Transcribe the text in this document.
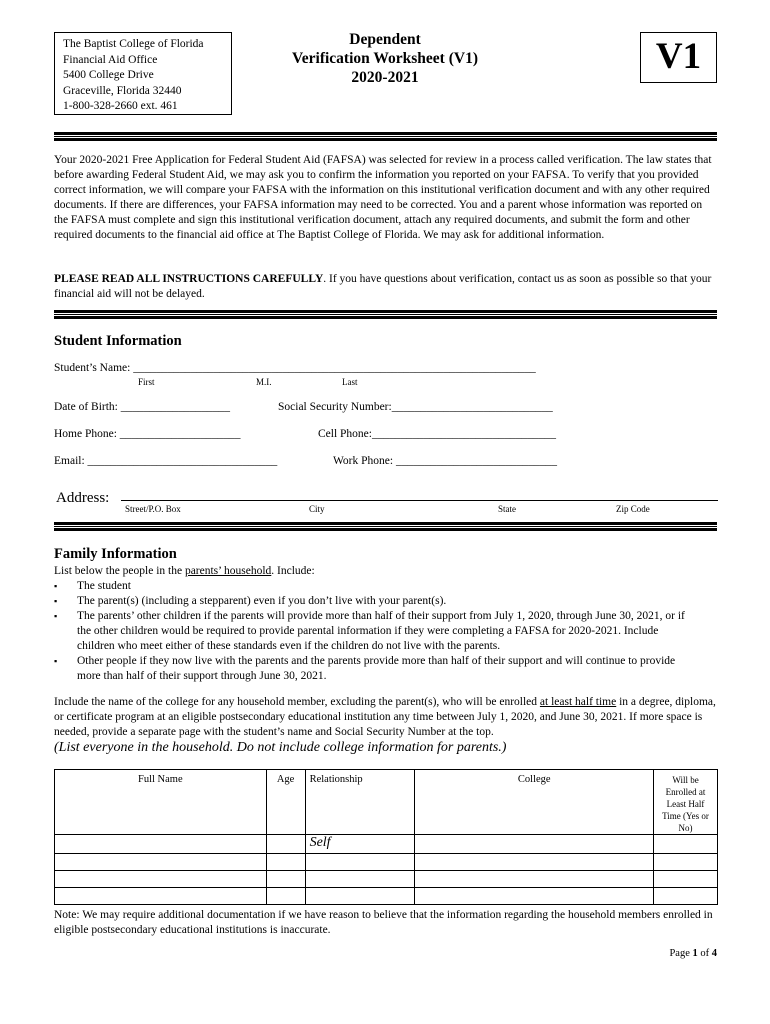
The Baptist College of Florida
Financial Aid Office
5400 College Drive
Graceville, Florida 32440
1-800-328-2660 ext. 461
Dependent
Verification Worksheet (V1)
2020-2021
V1
Your 2020-2021 Free Application for Federal Student Aid (FAFSA) was selected for review in a process called verification. The law states that before awarding Federal Student Aid, we may ask you to confirm the information you reported on your FAFSA. To verify that you provided correct information, we will compare your FAFSA with the information on this institutional verification document and with any other required documents. If there are differences, your FAFSA information may need to be corrected. You and a parent whose information was reported on the FAFSA must complete and sign this institutional verification document, attach any required documents, and submit the form and other required documents to the financial aid office at The Baptist College of Florida. We may ask for additional information.
PLEASE READ ALL INSTRUCTIONS CAREFULLY. If you have questions about verification, contact us as soon as possible so that your financial aid will not be delayed.
Student Information
Student’s Name: ______________________________________________________________________
First	M.I.	Last
Date of Birth: ___________________	Social Security Number:____________________________
Home Phone: _____________________	Cell Phone:________________________________
Email: _________________________________	Work Phone: ____________________________
Address:
Street/P.O. Box	City	State	Zip Code
Family Information
List below the people in the parents’ household. Include:
▪ The student
▪ The parent(s) (including a stepparent) even if you don’t live with your parent(s).
▪ The parents’ other children if the parents will provide more than half of their support from July 1, 2020, through June 30, 2021, or if the other children would be required to provide parental information if they were completing a FAFSA for 2020-2021. Include children who meet either of these standards even if the children do not live with the parents.
▪ Other people if they now live with the parents and the parents provide more than half of their support and will continue to provide more than half of their support through June 30, 2021.
Include the name of the college for any household member, excluding the parent(s), who will be enrolled at least half time in a degree, diploma, or certificate program at an eligible postsecondary educational institution any time between July 1, 2020, and June 30, 2021. If more space is needed, provide a separate page with the student’s name and Social Security Number at the top.
(List everyone in the household. Do not include college information for parents.)
Full Name	Age	Relationship	College	Will be Enrolled at Least Half Time (Yes or No)
		Self		

Note: We may require additional documentation if we have reason to believe that the information regarding the household members enrolled in eligible postsecondary educational institutions is inaccurate.
Page 1 of 4
